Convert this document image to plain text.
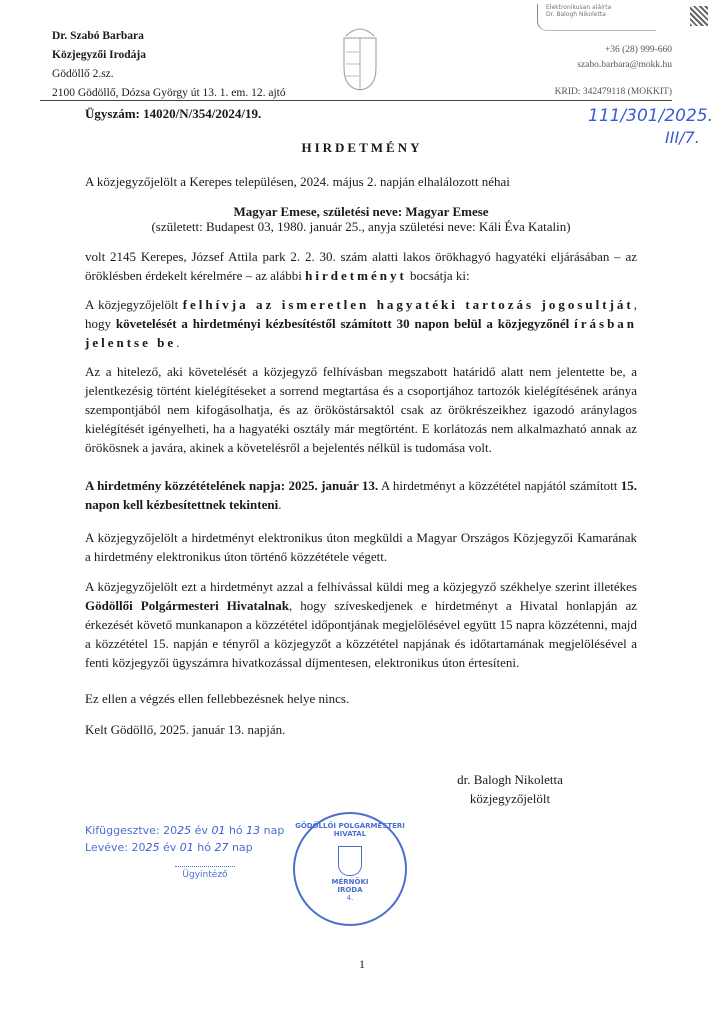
Dr. Szabó Barbara
Közjegyzői Irodája
Gödöllő 2.sz.
2100 Gödöllő, Dózsa György út 13. 1. em. 12. ajtó
Elektronikusan aláírta
Dr. Balogh Nikoletta
+36 (28) 999-660
szabo.barbara@mokk.hu
KRID: 342479118 (MOKKIT)
Ügyszám: 14020/N/354/2024/19.	111/301/2025.
III/7.
HIRDETMÉNY
A közjegyzőjelölt a Kerepes településen, 2024. május 2. napján elhalálozott néhai
Magyar Emese, születési neve: Magyar Emese
(született: Budapest 03, 1980. január 25., anyja születési neve: Káli Éva Katalin)
volt 2145 Kerepes, József Attila park 2. 2. 30. szám alatti lakos örökhagyó hagyatéki eljárásában – az öröklésben érdekelt kérelmére – az alábbi hirdetményt bocsátja ki:
A közjegyzőjelölt felhívja az ismeretlen hagyatéki tartozás jogosultját, hogy követelését a hirdetményi kézbesítéstől számított 30 napon belül a közjegyzőnél írásban jelentse be.
Az a hitelező, aki követelését a közjegyző felhívásban megszabott határidő alatt nem jelentette be, a jelentkezésig történt kielégítéseket a sorrend megtartása és a csoportjához tartozók kielégítésének aránya szempontjából nem kifogásolhatja, és az örököstársaktól csak az örökrészeikhez igazodó aránylagos kielégítését igényelheti, ha a hagyatéki osztály már megtörtént. E korlátozás nem alkalmazható annak az örökösnek a javára, akinek a követelésről a bejelentés nélkül is tudomása volt.
A hirdetmény közzétételének napja: 2025. január 13. A hirdetményt a közzététel napjától számított 15. napon kell kézbesítettnek tekinteni.
A közjegyzőjelölt a hirdetményt elektronikus úton megküldi a Magyar Országos Közjegyzői Kamarának a hirdetmény elektronikus úton történő közzététele végett.
A közjegyzőjelölt ezt a hirdetményt azzal a felhívással küldi meg a közjegyző székhelye szerint illetékes Gödöllői Polgármesteri Hivatalnak, hogy szíveskedjenek e hirdetményt a Hivatal honlapján az érkezését követő munkanapon a közzététel időpontjának megjelölésével együtt 15 napra közzétenni, majd a közzététel 15. napján e tényről a közjegyzőt a közzététel napjának és időtartamának megjelölésével a fenti közjegyzői ügyszámra hivatkozással díjmentesen, elektronikus úton értesíteni.
Ez ellen a végzés ellen fellebbezésnek helye nincs.
Kelt Gödöllő, 2025. január 13. napján.
dr. Balogh Nikoletta
közjegyzőjelölt
Kifüggesztve: 2025 év 01 hó 13 nap
Levéve: 2025 év 01 hó 27 nap
Ügyintéző
GÖDÖLLŐI POLGÁRMESTERI HIVATAL
MÉRNÖKI IRODA
4.
1
